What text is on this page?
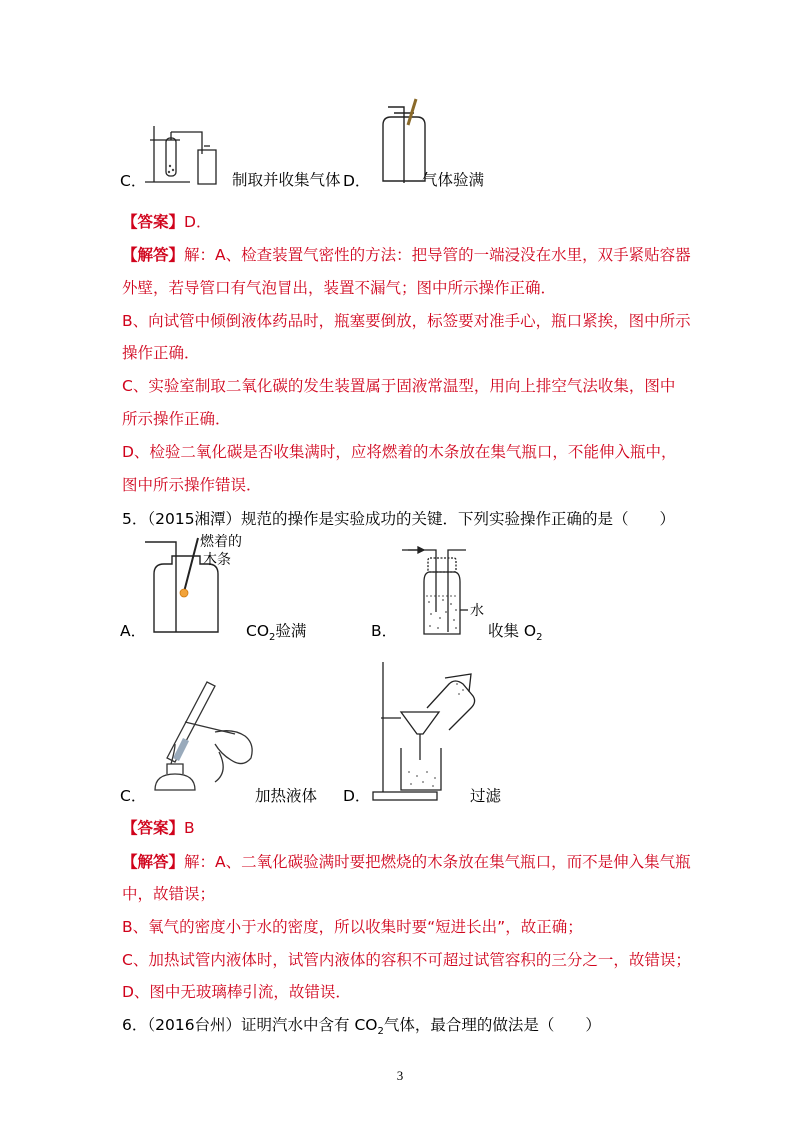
C．	制取并收集气体 D．	气体验满
【答案】D．
【解答】解：A、检查装置气密性的方法：把导管的一端浸没在水里，双手紧贴容器
外壁，若导管口有气泡冒出，装置不漏气；图中所示操作正确．
B、向试管中倾倒液体药品时，瓶塞要倒放，标签要对准手心，瓶口紧挨，图中所示
操作正确．
C、实验室制取二氧化碳的发生装置属于固液常温型，用向上排空气法收集，图中
所示操作正确．
D、检验二氧化碳是否收集满时，应将燃着的木条放在集气瓶口，不能伸入瓶中，
图中所示操作错误．
5．（2015湘潭）规范的操作是实验成功的关键．下列实验操作正确的是（　　）
A．
燃着的
木条
$CO_2$验满	B．
水
收集 $O_2$
C．	加热液体 D．	过滤
【答案】B
【解答】解：A、二氧化碳验满时要把燃烧的木条放在集气瓶口，而不是伸入集气瓶
中，故错误；
B、氧气的密度小于水的密度，所以收集时要“短进长出”，故正确；
C、加热试管内液体时，试管内液体的容积不可超过试管容积的三分之一，故错误；
D、图中无玻璃棒引流，故错误．
6．（2016台州）证明汽水中含有 $CO_2$气体，最合理的做法是（　　）
3
